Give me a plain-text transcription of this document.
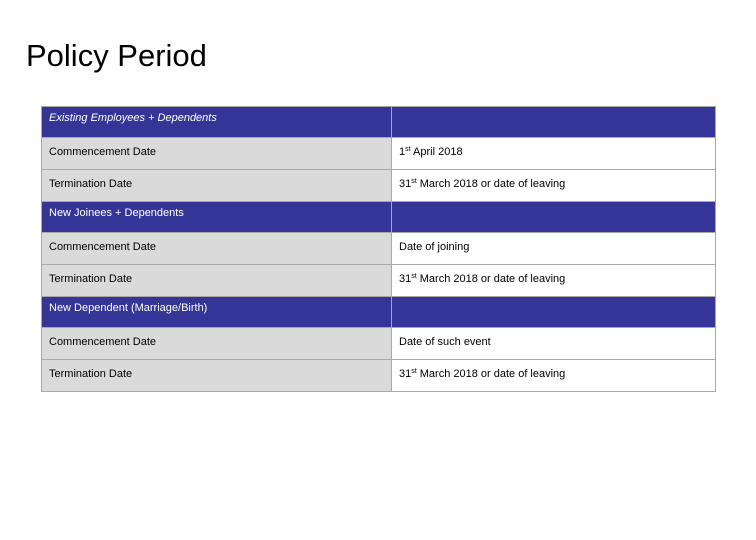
Policy Period
Existing Employees + Dependents	
Commencement Date	1st April 2018
Termination Date	31st March 2018 or date of leaving
New Joinees + Dependents	
Commencement Date	Date of joining
Termination Date	31st March 2018 or date of leaving
New Dependent (Marriage/Birth)	
Commencement Date	Date of such event
Termination Date	31st March 2018 or date of leaving
